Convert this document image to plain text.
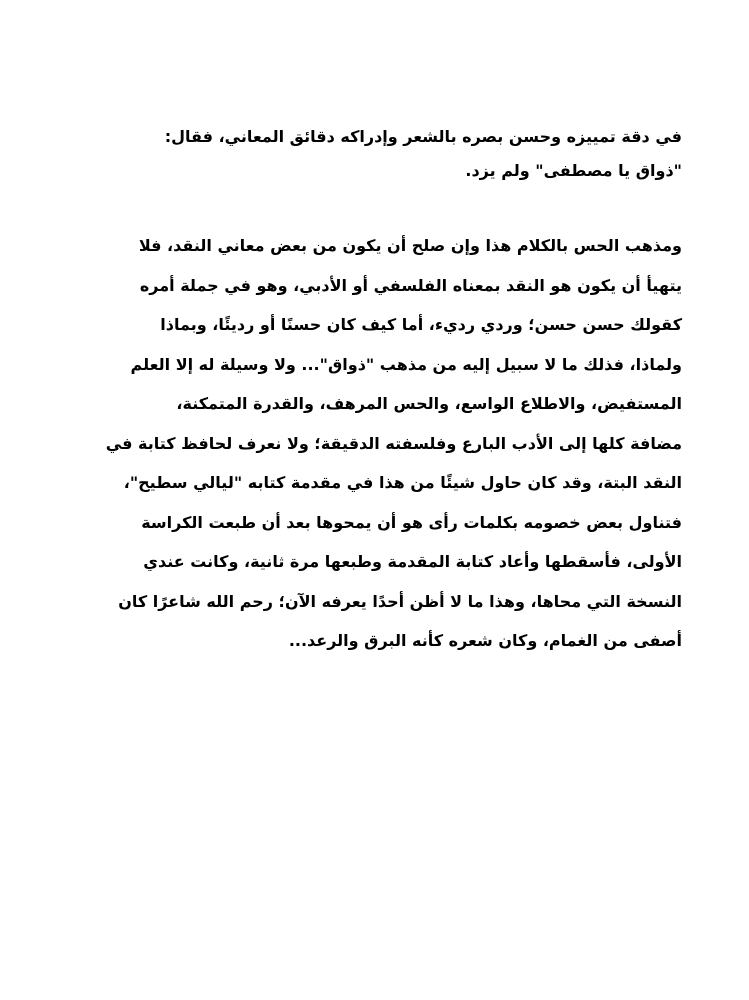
في دقة تمييزه وحسن بصره بالشعر وإدراكه دقائق المعاني، فقال:
"ذواق يا مصطفى" ولم يزد.
ومذهب الحس بالكلام هذا وإن صلح أن يكون من بعض معاني النقد، فلا
يتهيأ أن يكون هو النقد بمعناه الفلسفي أو الأدبي، وهو في جملة أمره
كقولك حسن حسن؛ وردي رديء، أما كيف كان حسنًا أو رديئًا، وبماذا
ولماذا، فذلك ما لا سبيل إليه من مذهب "ذواق"... ولا وسيلة له إلا العلم
المستفيض، والاطلاع الواسع، والحس المرهف، والقدرة المتمكنة،
مضافة كلها إلى الأدب البارع وفلسفته الدقيقة؛ ولا نعرف لحافظ كتابة في
النقد البتة، وقد كان حاول شيئًا من هذا في مقدمة كتابه "ليالي سطيح"،
فتناول بعض خصومه بكلمات رأى هو أن يمحوها بعد أن طبعت الكراسة
الأولى، فأسقطها وأعاد كتابة المقدمة وطبعها مرة ثانية، وكانت عندي
النسخة التي محاها، وهذا ما لا أظن أحدًا يعرفه الآن؛ رحم الله شاعرًا كان
أصفى من الغمام، وكان شعره كأنه البرق والرعد...
